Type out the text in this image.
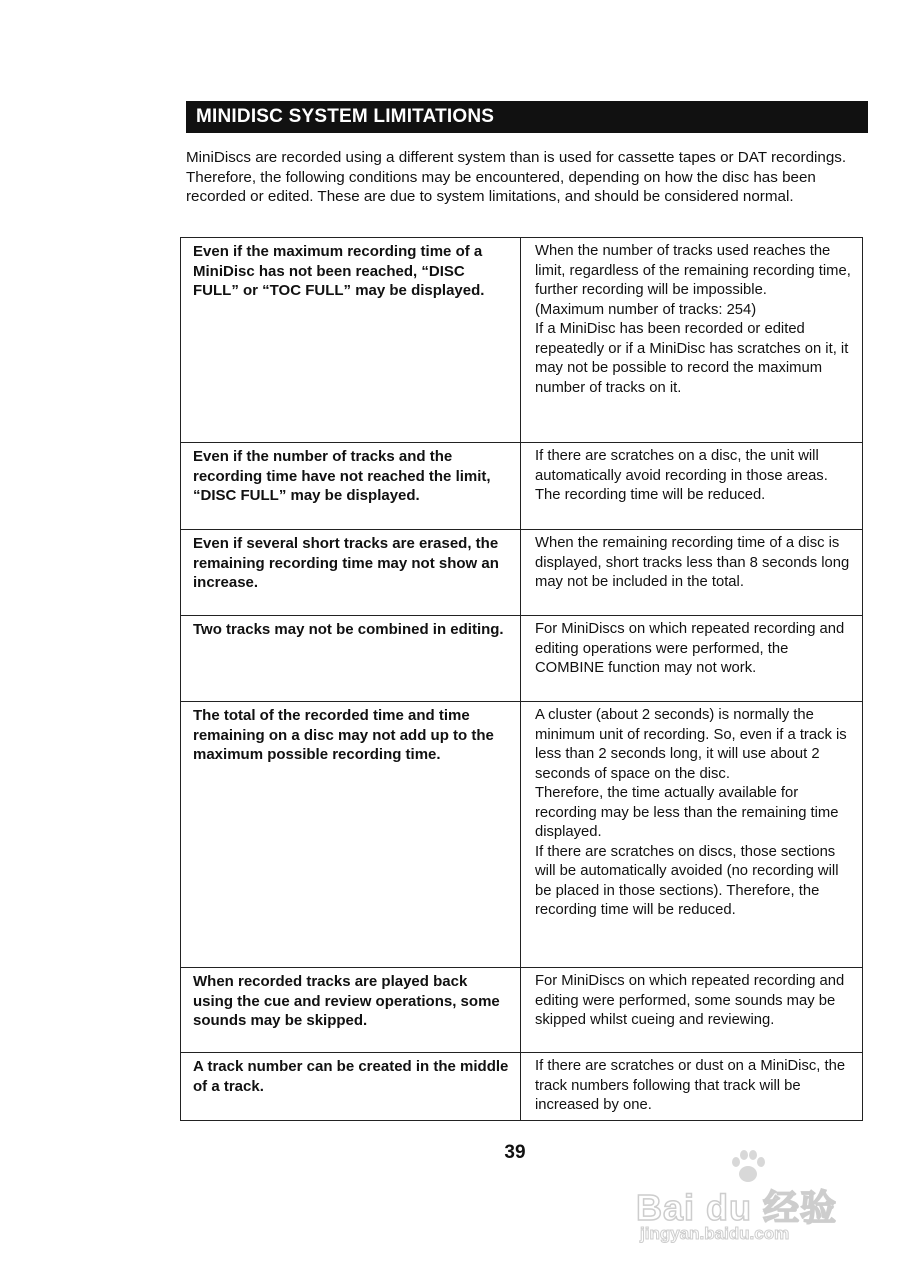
MINIDISC SYSTEM LIMITATIONS

MiniDiscs are recorded using a different system than is used for cassette tapes or DAT recordings. Therefore, the following conditions may be encountered, depending on how the disc has been recorded or edited. These are due to system limitations, and should be considered normal.

Even if the maximum recording time of a MiniDisc has not been reached, “DISC FULL” or “TOC FULL” may be displayed.	When the number of tracks used reaches the limit, regardless of the remaining recording time, further recording will be impossible.
(Maximum number of tracks: 254)
If a MiniDisc has been recorded or edited repeatedly or if a MiniDisc has scratches on it, it may not be possible to record the maximum number of tracks on it.

Even if the number of tracks and the recording time have not reached the limit, “DISC FULL” may be displayed.	If there are scratches on a disc, the unit will automatically avoid recording in those areas. The recording time will be reduced.

Even if several short tracks are erased, the remaining recording time may not show an increase.	When the remaining recording time of a disc is displayed, short tracks less than 8 seconds long may not be included in the total.

Two tracks may not be combined in editing.	For MiniDiscs on which repeated recording and editing operations were performed, the COMBINE function may not work.

The total of the recorded time and time remaining on a disc may not add up to the maximum possible recording time.	A cluster (about 2 seconds) is normally the minimum unit of recording. So, even if a track is less than 2 seconds long, it will use about 2 seconds of space on the disc.
Therefore, the time actually available for recording may be less than the remaining time displayed.
If there are scratches on discs, those sections will be automatically avoided (no recording will be placed in those sections). Therefore, the recording time will be reduced.

When recorded tracks are played back using the cue and review operations, some sounds may be skipped.	For MiniDiscs on which repeated recording and editing were performed, some sounds may be skipped whilst cueing and reviewing.

A track number can be created in the middle of a track.	If there are scratches or dust on a MiniDisc, the track numbers following that track will be increased by one.
39
Bai du 经验
jingyan.baidu.com
